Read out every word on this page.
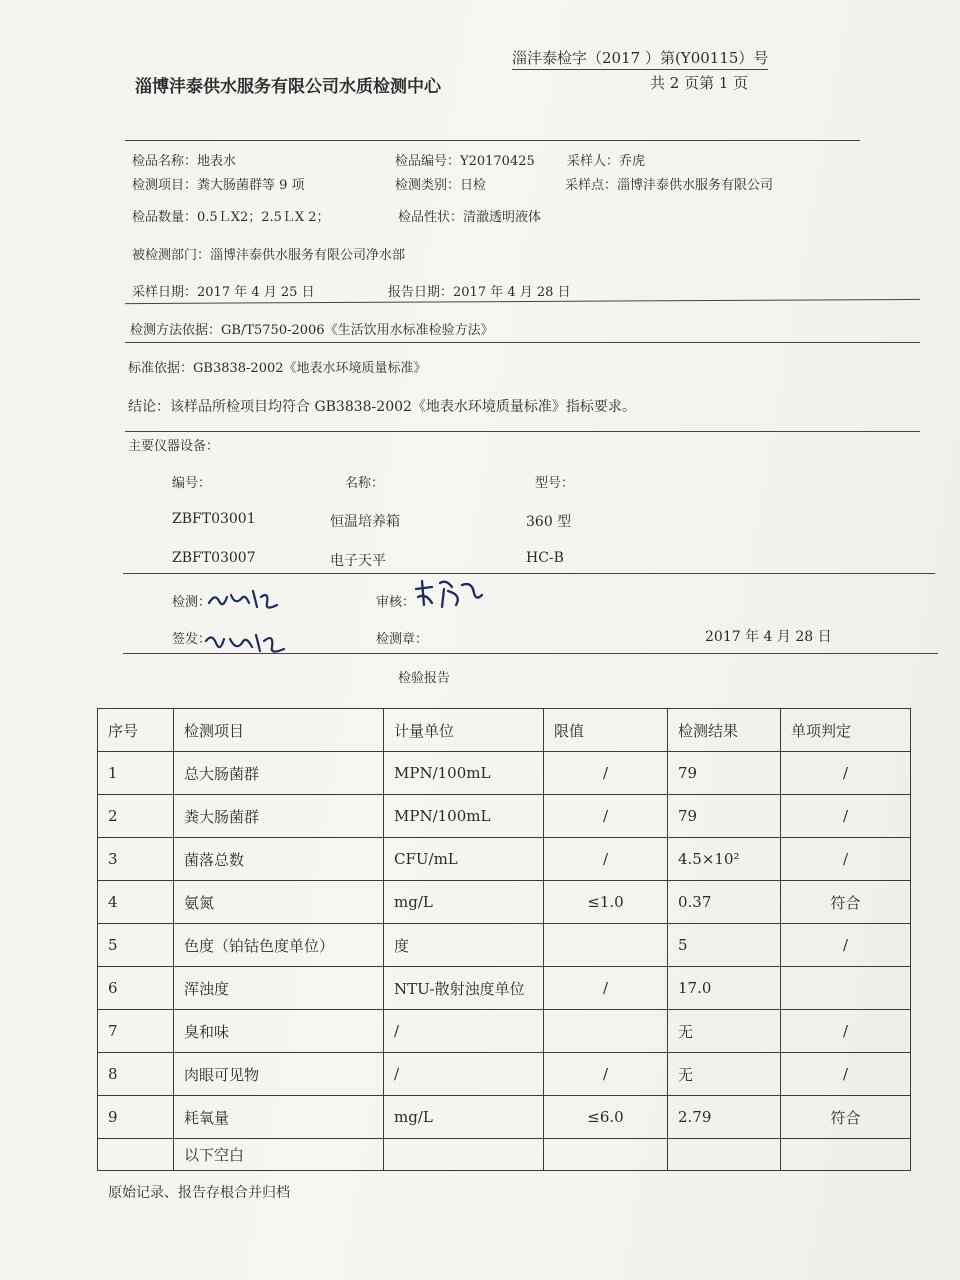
淄沣泰检字（2017 ）第(Y00115）号
淄博沣泰供水服务有限公司水质检测中心	共 2 页第 1 页
检品名称：地表水	检品编号：Y20170425 采样人：乔虎
检测项目：粪大肠菌群等 9 项	检测类别：日检	采样点：淄博沣泰供水服务有限公司
检品数量：0.5ＬX2；2.5ＬX 2；	检品性状：清澈透明液体
被检测部门：淄博沣泰供水服务有限公司净水部
采样日期：2017 年 4 月 25 日	报告日期：2017 年 4 月 28 日
检测方法依据：GB/T5750-2006《生活饮用水标准检验方法》
标准依据：GB3838-2002《地表水环境质量标准》
结论：该样品所检项目均符合 GB3838-2002《地表水环境质量标准》指标要求。
主要仪器设备：
编号：	名称：	型号：
ZBFT03001	恒温培养箱	360 型
ZBFT03007	电子天平	HC-B
检测：	审核：
签发：	检测章：	2017 年 4 月 28 日
检验报告
序号	检测项目	计量单位	限值	检测结果	单项判定
1	总大肠菌群	MPN/100mL	/	79	/
2	粪大肠菌群	MPN/100mL	/	79	/
3	菌落总数	CFU/mL	/	4.5×10²	/
4	氨氮	mg/L	≤1.0	0.37	符合
5	色度（铂钴色度单位）	度		5	/
6	浑浊度	NTU-散射浊度单位	/	17.0	
7	臭和味	/		无	/
8	肉眼可见物	/	/	无	/
9	耗氧量	mg/L	≤6.0	2.79	符合
	以下空白				
原始记录、报告存根合并归档
